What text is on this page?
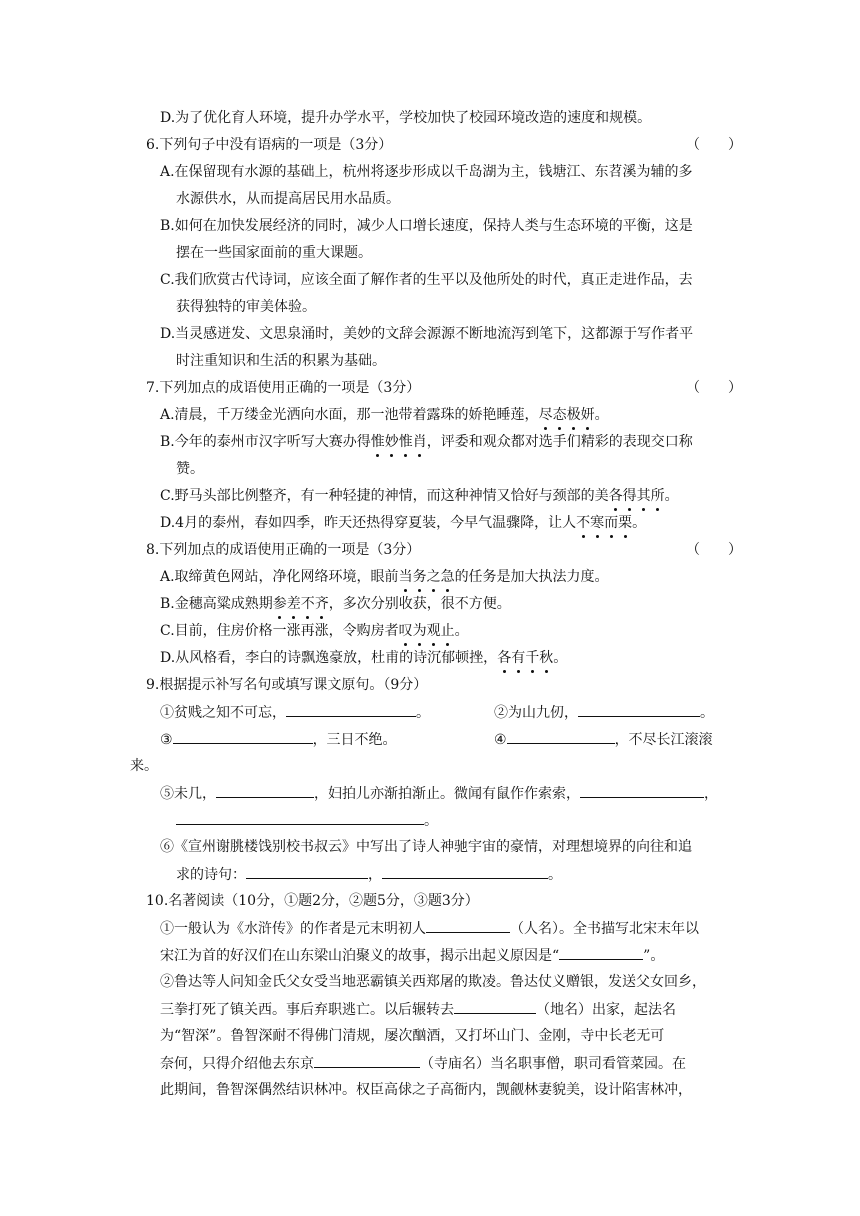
D.为了优化育人环境，提升办学水平，学校加快了校园环境改造的速度和规模。
6.下列句子中没有语病的一项是（3分）	（　　）
A.在保留现有水源的基础上，杭州将逐步形成以千岛湖为主，钱塘江、东苕溪为辅的多
水源供水，从而提高居民用水品质。
B.如何在加快发展经济的同时，减少人口增长速度，保持人类与生态环境的平衡，这是
摆在一些国家面前的重大课题。
C.我们欣赏古代诗词，应该全面了解作者的生平以及他所处的时代，真正走进作品，去
获得独特的审美体验。
D.当灵感迸发、文思泉涌时，美妙的文辞会源源不断地流泻到笔下，这都源于写作者平
时注重知识和生活的积累为基础。
7.下列加点的成语使用正确的一项是（3分）	（　　）
A.清晨，千万缕金光洒向水面，那一池带着露珠的娇艳睡莲，尽态极妍。
B.今年的泰州市汉字听写大赛办得惟妙惟肖，评委和观众都对选手们精彩的表现交口称
赞。
C.野马头部比例整齐，有一种轻捷的神情，而这种神情又恰好与颈部的美各得其所。
D.4月的泰州，春如四季，昨天还热得穿夏装，今早气温骤降，让人不寒而栗。
8.下列加点的成语使用正确的一项是（3分）	（　　）
A.取缔黄色网站，净化网络环境，眼前当务之急的任务是加大执法力度。
B.金穗高粱成熟期参差不齐，多次分别收获，很不方便。
C.目前，住房价格一涨再涨，令购房者叹为观止。
D.从风格看，李白的诗飘逸豪放，杜甫的诗沉郁顿挫，各有千秋。
9.根据提示补写名句或填写课文原句。（9分）
①贫贱之知不可忘，	。	②为山九仞，	。
③	，三日不绝。	④	，不尽长江滚滚
来。
⑤未几，	，妇拍儿亦渐拍渐止。微闻有鼠作作索索，	，
。
⑥《宣州谢朓楼饯别校书叔云》中写出了诗人神驰宇宙的豪情，对理想境界的向往和追
求的诗句：	，	。
10.名著阅读（10分，①题2分，②题5分，③题3分）
①一般认为《水浒传》的作者是元末明初人	（人名）。全书描写北宋末年以
宋江为首的好汉们在山东梁山泊聚义的故事，揭示出起义原因是“	”。
②鲁达等人问知金氏父女受当地恶霸镇关西郑屠的欺凌。鲁达仗义赠银，发送父女回乡，
三拳打死了镇关西。事后弃职逃亡。以后辗转去	（地名）出家，起法名
为“智深”。鲁智深耐不得佛门清规，屡次酗酒，又打坏山门、金刚，寺中长老无可
奈何，只得介绍他去东京	（寺庙名）当名职事僧，职司看管菜园。在
此期间，鲁智深偶然结识林冲。权臣高俅之子高衙内，觊觎林妻貌美，设计陷害林冲，
